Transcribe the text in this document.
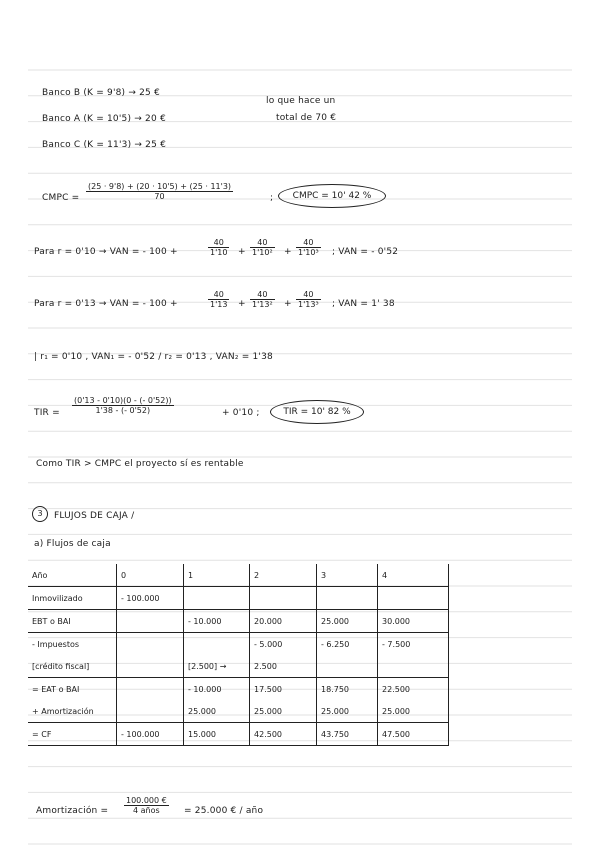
Banco B (K = 9'8) → 25 €
Banco A (K = 10'5) → 20 €
Banco C (K = 11'3) → 25 €
lo que hace un
total de 70 €
CMPC = $\frac{(25 \cdot 9'8) + (20 \cdot 10'5) + (25 \cdot 11'3)}{70}$	;	CMPC = 10' 42 %
Para r = 0'10 → VAN = - 100 +	$\frac{40}{1'10} + \frac{40}{\text{1'10²}} + \frac{40}{\text{1'10³}}$ ; VAN = - 0'52
Para r = 0'13 → VAN = - 100 +	$\frac{40}{1'13} + \frac{40}{\text{1'13²}} + \frac{40}{\text{1'13³}}$ ; VAN = 1' 38
| r₁ = 0'10 , VAN₁ = - 0'52 / r₂ = 0'13 , VAN₂ = 1'38
TIR = $\frac{(0'13 - 0'10)(0 - (- 0'52))}{1'38 - (- 0'52)}$	+ 0'10 ;	TIR = 10' 82 %
Como TIR > CMPC el proyecto sí es rentable
3	FLUJOS DE CAJA /
a) Flujos de caja
Año	0	1	2	3	4
Inmovilizado	- 100.000				
EBT o BAI		- 10.000	20.000	25.000	30.000
- Impuestos			- 5.000	- 6.250	- 7.500
[crédito fiscal]		[2.500] →	2.500		
= EAT o BAI		- 10.000	17.500	18.750	22.500
+ Amortización		25.000	25.000	25.000	25.000
= CF	- 100.000	15.000	42.500	43.750	47.500
Amortización =
100.000 €
4 años	= 25.000 € / año
